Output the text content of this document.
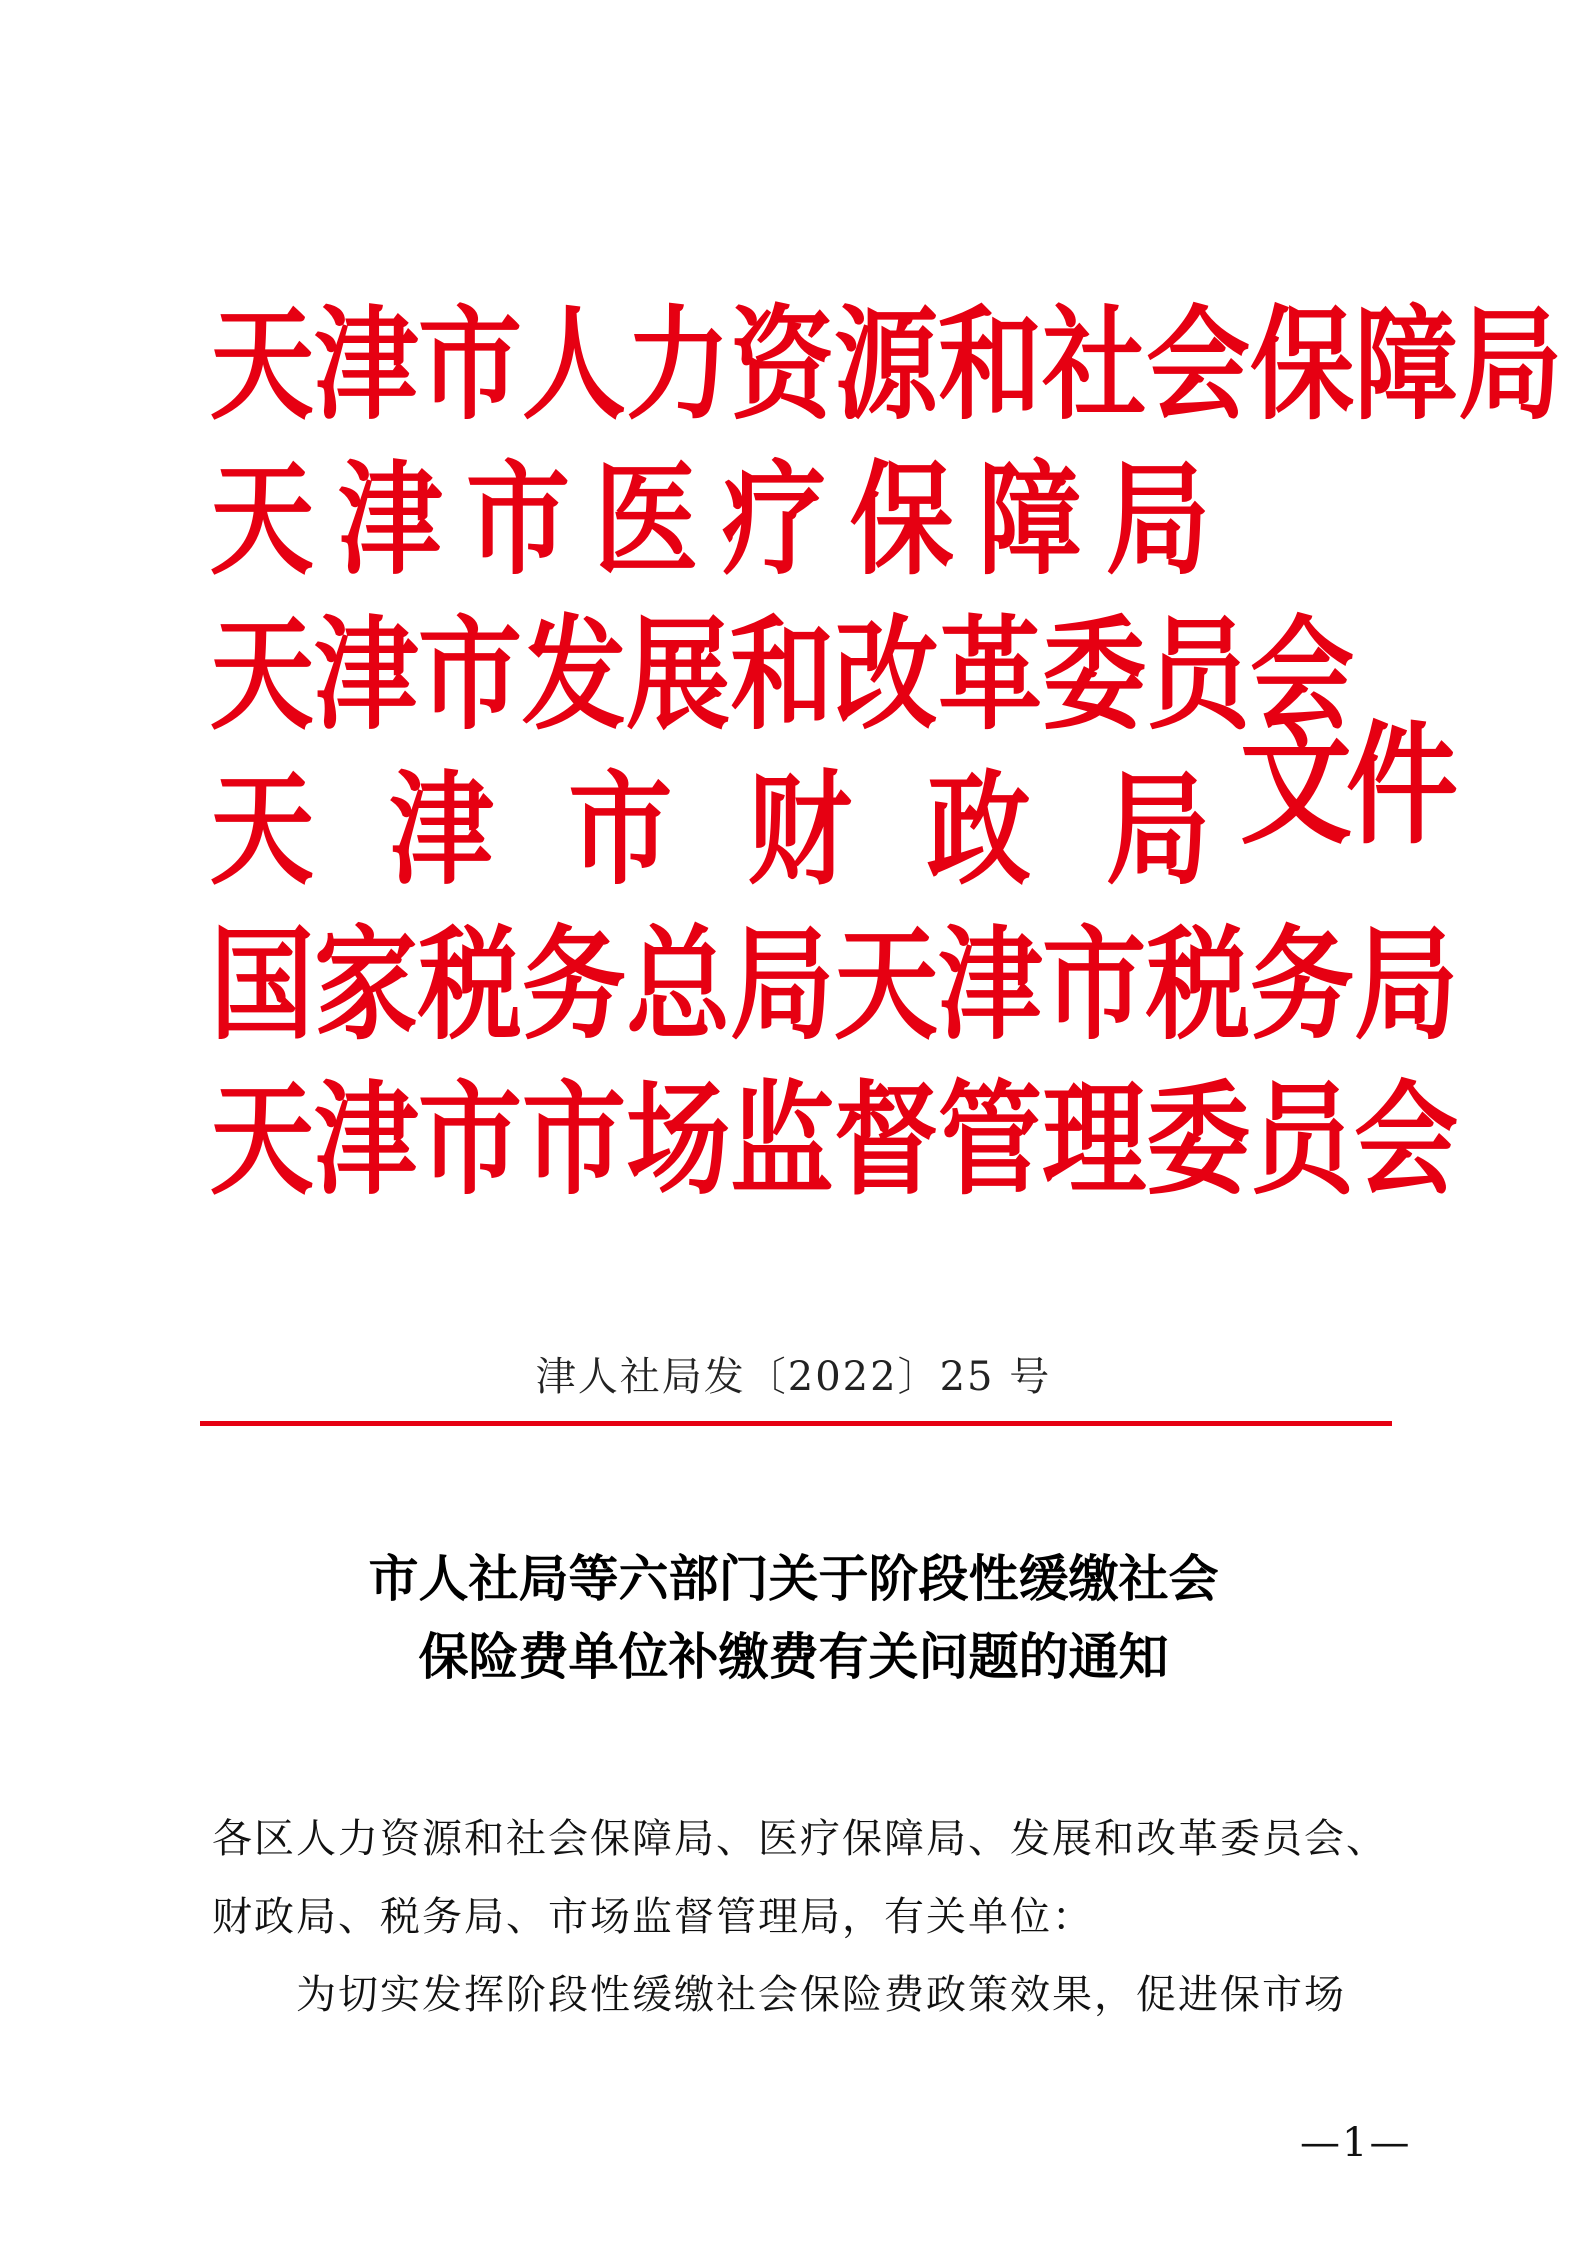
天 津 市 人 力 资 源 和 社 会 保 障 局
天 津 市 医 疗 保 障 局
天 津 市 发 展 和 改 革 委 员 会
天 津 市 财 政 局
国 家 税 务 总 局 天 津 市 税 务 局
天 津 市 市 场 监 督 管 理 委 员 会
文件
津人社局发〔2022〕25 号
市人社局等六部门关于阶段性缓缴社会
保险费单位补缴费有关问题的通知

各区人力资源和社会保障局、医疗保障局、发展和改革委员会、

财政局、税务局、市场监督管理局，有关单位：

为切实发挥阶段性缓缴社会保险费政策效果，促进保市场

—1—
